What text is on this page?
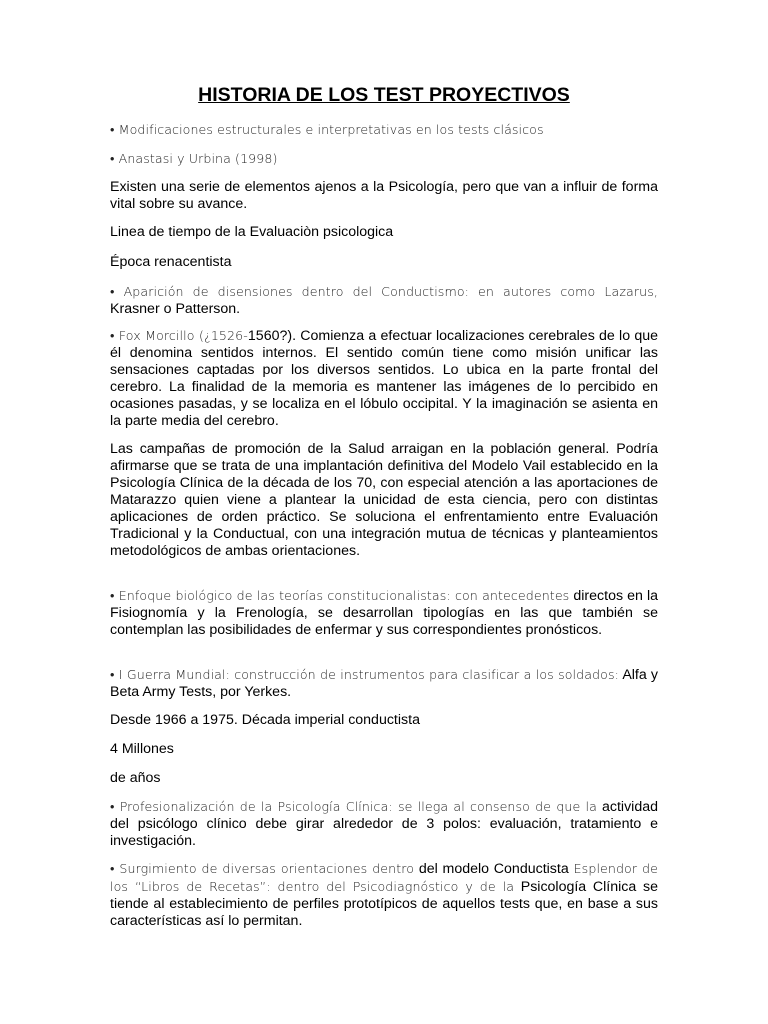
HISTORIA DE LOS TEST PROYECTIVOS

• Modificaciones estructurales e interpretativas en los tests clásicos

• Anastasi y Urbina (1998)

Existen una serie de elementos ajenos a la Psicología, pero que van a influir de forma vital sobre su avance.

Linea de tiempo de la Evaluaciòn psicologica

Época renacentista

• Aparición de disensiones dentro del Conductismo: en autores como Lazarus, Krasner o Patterson.

• Fox Morcillo (¿1526-1560?). Comienza a efectuar localizaciones cerebrales de lo que él denomina sentidos internos. El sentido común tiene como misión unificar las sensaciones captadas por los diversos sentidos. Lo ubica en la parte frontal del cerebro. La finalidad de la memoria es mantener las imágenes de lo percibido en ocasiones pasadas, y se localiza en el lóbulo occipital. Y la imaginación se asienta en la parte media del cerebro.

Las campañas de promoción de la Salud arraigan en la población general. Podría afirmarse que se trata de una implantación definitiva del Modelo Vail establecido en la Psicología Clínica de la década de los 70, con especial atención a las aportaciones de Matarazzo quien viene a plantear la unicidad de esta ciencia, pero con distintas aplicaciones de orden práctico. Se soluciona el enfrentamiento entre Evaluación Tradicional y la Conductual, con una integración mutua de técnicas y planteamientos metodológicos de ambas orientaciones.

• Enfoque biológico de las teorías constitucionalistas: con antecedentes directos en la Fisiognomía y la Frenología, se desarrollan tipologías en las que también se contemplan las posibilidades de enfermar y sus correspondientes pronósticos.

• I Guerra Mundial: construcción de instrumentos para clasificar a los soldados: Alfa y Beta Army Tests, por Yerkes.

Desde 1966 a 1975. Década imperial conductista

4 Millones

de años

• Profesionalización de la Psicología Clínica: se llega al consenso de que la actividad del psicólogo clínico debe girar alrededor de 3 polos: evaluación, tratamiento e investigación.

• Surgimiento de diversas orientaciones dentro del modelo Conductista Esplendor de los “Libros de Recetas”: dentro del Psicodiagnóstico y de la Psicología Clínica se tiende al establecimiento de perfiles prototípicos de aquellos tests que, en base a sus características así lo permitan.
